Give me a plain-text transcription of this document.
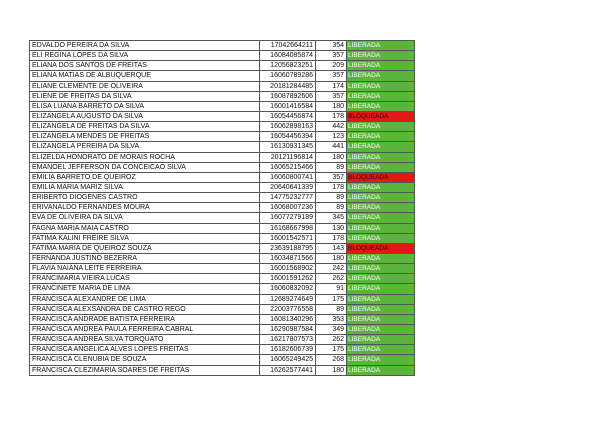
EDVALDO PEREIRA DA SILVA	17042664211	354	LIBERADA
ELI REGINA LOPES DA SILVA	16084085874	357	LIBERADA
ELIANA DOS SANTOS DE FREITAS	12056823251	209	LIBERADA
ELIANA MATIAS DE ALBUQUERQUE	16060789286	357	LIBERADA
ELIANE CLEMENTE DE OLIVEIRA	20181284485	174	LIBERADA
ELIENE DE FREITAS DA SILVA	16087892606	357	LIBERADA
ELISA LUANA BARRETO DA SILVA	16001416584	180	LIBERADA
ELIZANGELA AUGUSTO DA SILVA	16054456874	178	BLOQUEADA
ELIZANGELA DE FREITAS DA SILVA	16062898163	442	LIBERADA
ELIZANGELA MENDES DE FREITAS	16054456394	123	LIBERADA
ELIZANGELA PEREIRA DA SILVA	16130931345	441	LIBERADA
ELIZELDA HONORATO DE MORAIS ROCHA	20121196814	180	LIBERADA
EMANOEL JEFFERSON DA CONCEICAO SILVA	16065215466	89	LIBERADA
EMILIA BARRETO DE QUEIROZ	16060800741	357	BLOQUEADA
EMILIA MARIA MARIZ SILVA	20640641339	178	LIBERADA
ERIBERTO DIOGENES CASTRO	14775232777	89	LIBERADA
ERIVANALDO FERNANDES MOURA	16068007236	89	LIBERADA
EVA DE OLIVEIRA DA SILVA	16077279189	345	LIBERADA
FAGNA MARIA MAIA CASTRO	16168667998	130	LIBERADA
FATIMA KALINI FREIRE SILVA	16001542571	178	LIBERADA
FATIMA MARIA DE QUEIROZ SOUZA	23639188795	143	BLOQUEADA
FERNANDA JUSTINO BEZERRA	16034871566	180	LIBERADA
FLAVIA NAIANA LEITE FERREIRA	16001568902	242	LIBERADA
FRANCIMARIA VIEIRA LUCAS	16001591262	262	LIBERADA
FRANCINETE MARIA DE LIMA	16060832092	91	LIBERADA
FRANCISCA ALEXANDRE DE LIMA	12689274649	175	LIBERADA
FRANCISCA ALEXSANDRA DE CASTRO REGO	22003776558	89	LIBERADA
FRANCISCA ANDRADE BATISTA FERREIRA	16081340296	353	LIBERADA
FRANCISCA ANDREA PAULA FERREIRA CABRAL	16290987584	349	LIBERADA
FRANCISCA ANDREA SILVA TORQUATO	16217807573	262	LIBERADA
FRANCISCA ANGELICA ALVES LOPES FREITAS	16182606739	175	LIBERADA
FRANCISCA CLENUBIA DE SOUZA	16065249425	268	LIBERADA
FRANCISCA CLEZIMARIA SOARES DE FREITAS	16262577441	180	LIBERADA
